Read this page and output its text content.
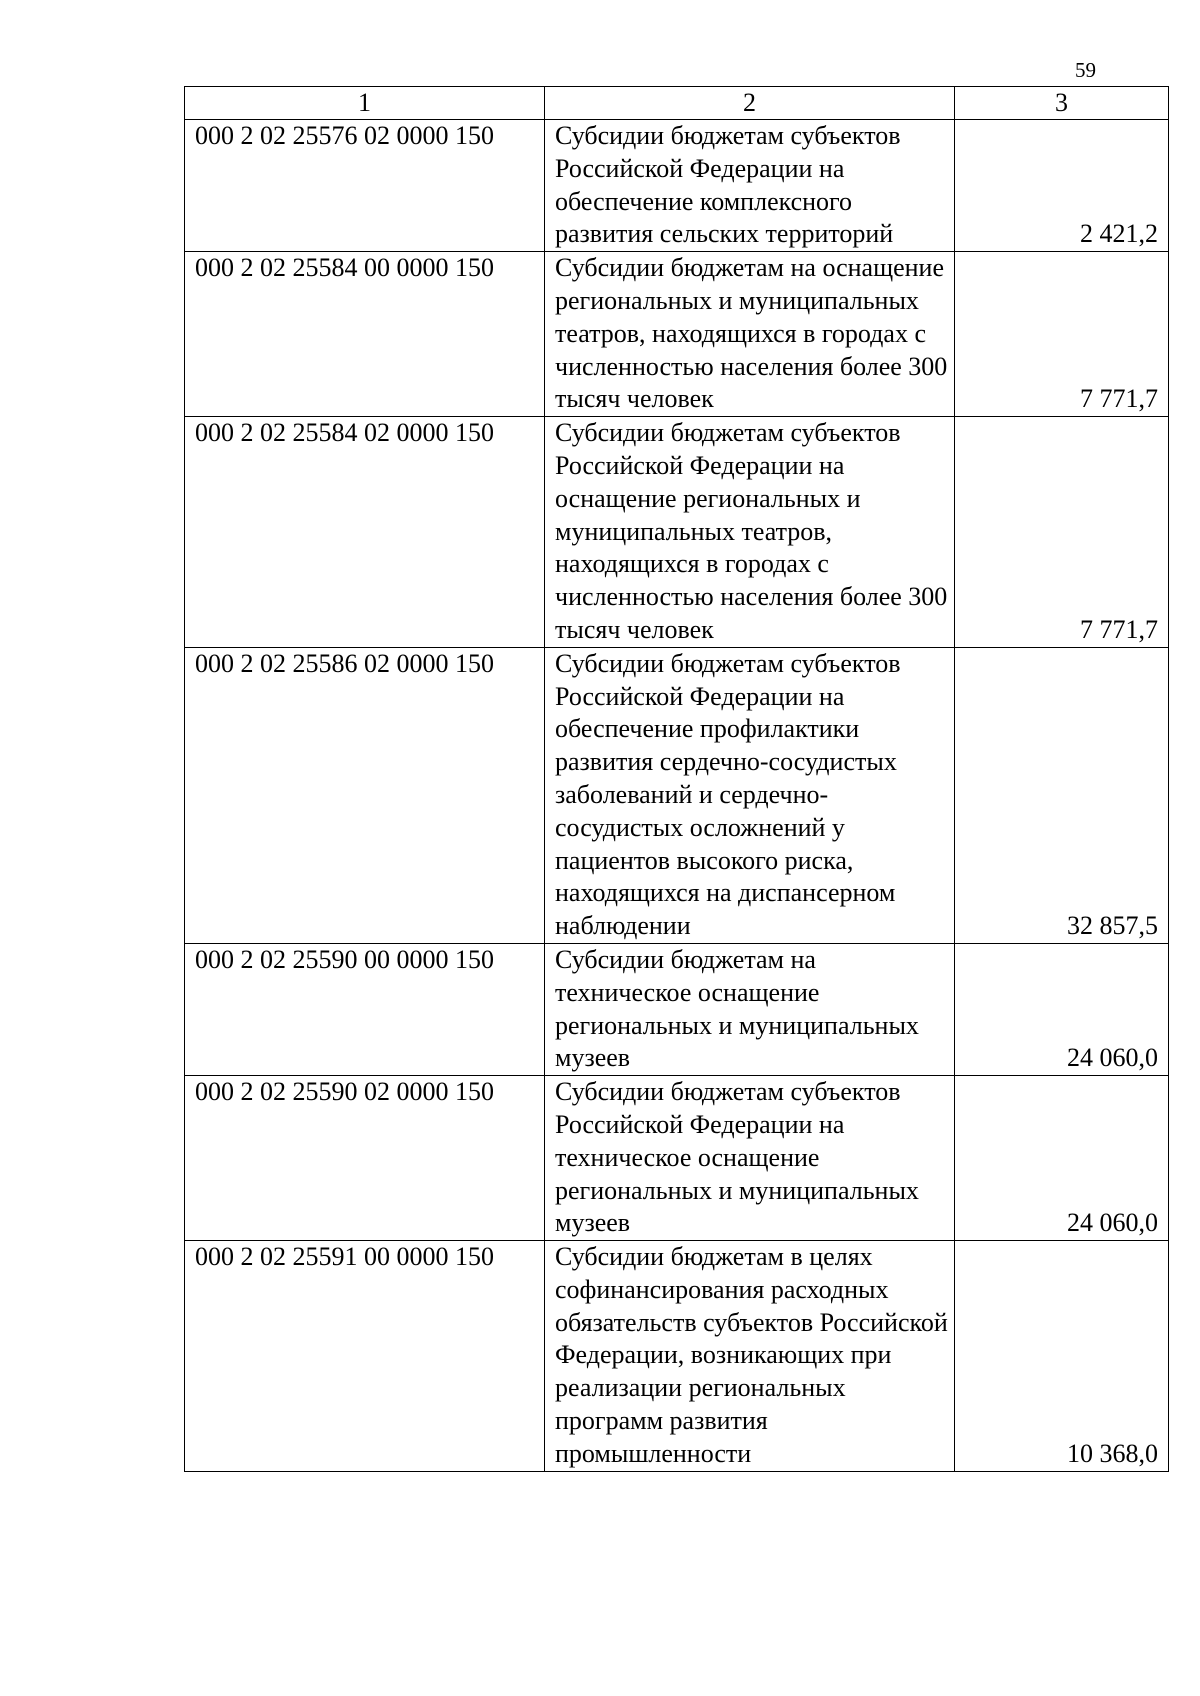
59
1	2	3
000 2 02 25576 02 0000 150	Субсидии бюджетам субъектов Российской Федерации на обеспечение комплексного развития сельских территорий	2 421,2
000 2 02 25584 00 0000 150	Субсидии бюджетам на оснащение региональных и муниципальных театров, находящихся в городах с численностью населения более 300 тысяч человек	7 771,7
000 2 02 25584 02 0000 150	Субсидии бюджетам субъектов Российской Федерации на оснащение региональных и муниципальных театров, находящихся в городах с численностью населения более 300 тысяч человек	7 771,7
000 2 02 25586 02 0000 150	Субсидии бюджетам субъектов Российской Федерации на обеспечение профилактики развития сердечно-сосудистых заболеваний и сердечно-сосудистых осложнений у пациентов высокого риска, находящихся на диспансерном наблюдении	32 857,5
000 2 02 25590 00 0000 150	Субсидии бюджетам на техническое оснащение региональных и муниципальных музеев	24 060,0
000 2 02 25590 02 0000 150	Субсидии бюджетам субъектов Российской Федерации на техническое оснащение региональных и муниципальных музеев	24 060,0
000 2 02 25591 00 0000 150	Субсидии бюджетам в целях софинансирования расходных обязательств субъектов Российской Федерации, возникающих при реализации региональных программ развития промышленности	10 368,0
